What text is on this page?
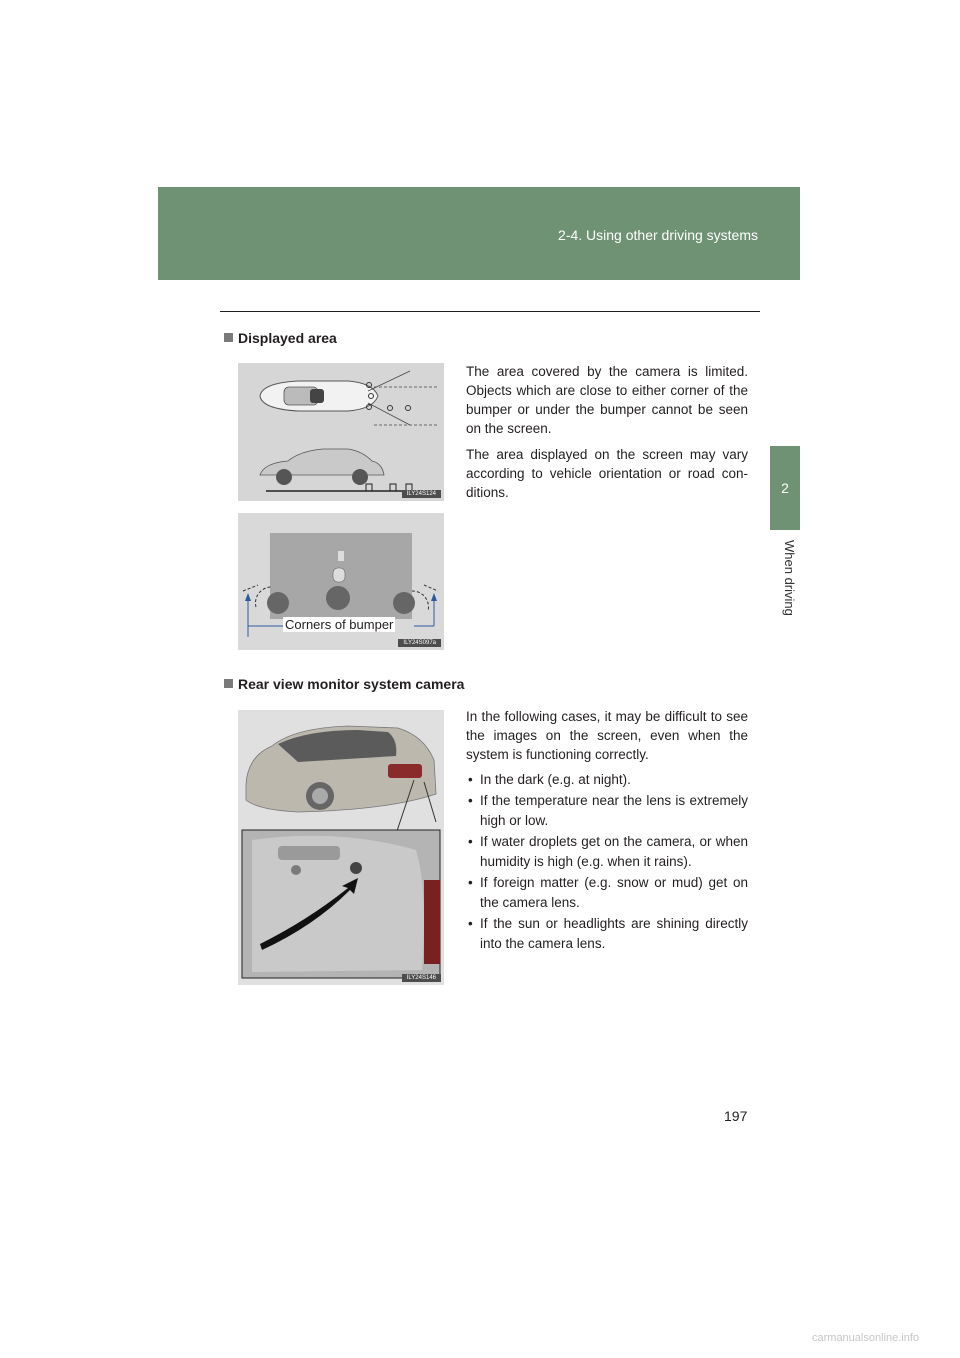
2-4. Using other driving systems
2
When driving
Displayed area
ILY24S124

The area covered by the camera is limited. Objects which are close to either corner of the bumper or under the bumper cannot be seen on the screen.

The area displayed on the screen may vary according to vehicle orientation or road con-ditions.

ILY24S097a
Corners of bumper
Rear view monitor system camera
ILY24S146

In the following cases, it may be difficult to see the images on the screen, even when the system is functioning correctly.

• In the dark (e.g. at night).
• If the temperature near the lens is extremely high or low.
• If water droplets get on the camera, or when humidity is high (e.g. when it rains).
• If foreign matter (e.g. snow or mud) get on the camera lens.
• If the sun or headlights are shining directly into the camera lens.
197
carmanualsonline.info
